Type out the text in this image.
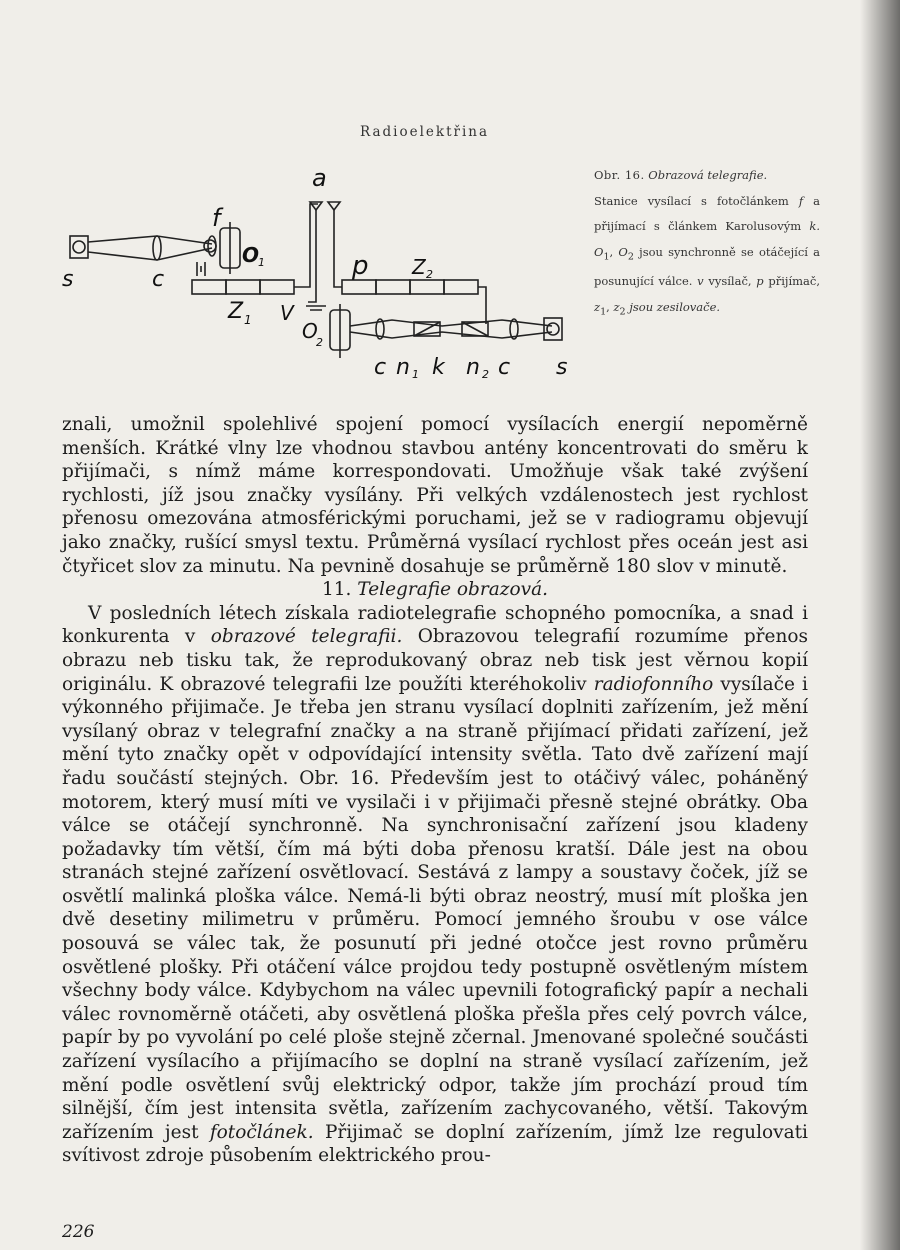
Radioelektřina
a
f
s	c
O
1
Z 1 V
p Z 2
O
2
c n 1 k n 2 c s

Obr. 16. Obrazová telegrafie.

Stanice vysílací s fotočlánkem f a přijímací s článkem Karolusovým k. $O_1$, $O_2$ jsou synchronně se otáčející a posunující válce. v vysílač, p přijímač, $z_1$, $z_2$ jsou zesilovače.

znali, umožnil spolehlivé spojení pomocí vysílacích energií nepoměrně menších. Krátké vlny lze vhodnou stavbou antény koncentrovati do směru k přijímači, s nímž máme korrespondovati. Umožňuje však také zvýšení rychlosti, jíž jsou značky vysílány. Při velkých vzdálenostech jest rychlost přenosu omezována atmosférickými poruchami, jež se v radiogramu objevují jako značky, rušící smysl textu. Průměrná vysílací rychlost přes oceán jest asi čtyřicet slov za minutu. Na pevnině dosahuje se průměrně 180 slov v minutě.

11. Telegrafie obrazová.

V posledních létech získala radiotelegrafie schopného pomocníka, a snad i konkurenta v obrazové telegrafii. Obrazovou telegrafií rozumíme přenos obrazu neb tisku tak, že reprodukovaný obraz neb tisk jest věrnou kopií originálu. K obrazové telegrafii lze použíti kteréhokoliv radiofonního vysílače i výkonného přijimače. Je třeba jen stranu vysílací doplniti zařízením, jež mění vysílaný obraz v telegrafní značky a na straně přijímací přidati zařízení, jež mění tyto značky opět v odpovídající intensity světla. Tato dvě zařízení mají řadu součástí stejných. Obr. 16. Především jest to otáčivý válec, poháněný motorem, který musí míti ve vysilači i v přijimači přesně stejné obrátky. Oba válce se otáčejí synchronně. Na synchronisační zařízení jsou kladeny požadavky tím větší, čím má býti doba přenosu kratší. Dále jest na obou stranách stejné zařízení osvětlovací. Sestává z lampy a soustavy čoček, jíž se osvětlí malinká ploška válce. Nemá-li býti obraz neostrý, musí mít ploška jen dvě desetiny milimetru v průměru. Pomocí jemného šroubu v ose válce posouvá se válec tak, že posunutí při jedné otočce jest rovno průměru osvětlené plošky. Při otáčení válce projdou tedy postupně osvětleným místem všechny body válce. Kdybychom na válec upevnili fotografický papír a nechali válec rovnoměrně otáčeti, aby osvětlená ploška přešla přes celý povrch válce, papír by po vyvolání po celé ploše stejně zčernal. Jmenované společné součásti zařízení vysílacího a přijímacího se doplní na straně vysílací zařízením, jež mění podle osvětlení svůj elektrický odpor, takže jím prochází proud tím silnější, čím jest intensita světla, zařízením zachycovaného, větší. Takovým zařízením jest fotočlánek. Přijimač se doplní zařízením, jímž lze regulovati svítivost zdroje působením elektrického prou-

226
